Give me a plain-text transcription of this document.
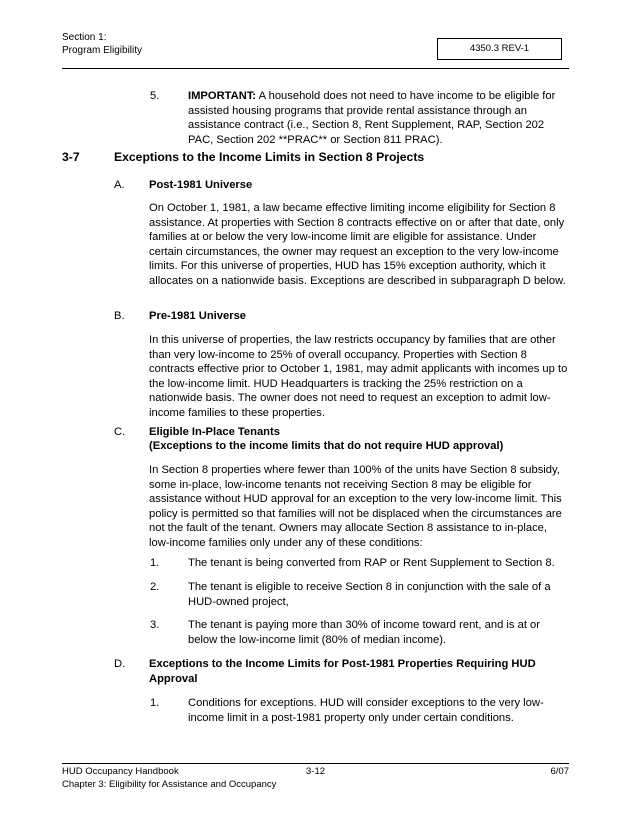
Section 1:
Program Eligibility	4350.3 REV-1
5.	IMPORTANT: A household does not need to have income to be eligible for assisted housing programs that provide rental assistance through an assistance contract (i.e., Section 8, Rent Supplement, RAP, Section 202 PAC, Section 202 **PRAC** or Section 811 PRAC).

3-7	Exceptions to the Income Limits in Section 8 Projects
A. Post-1981 Universe
On October 1, 1981, a law became effective limiting income eligibility for Section 8 assistance. At properties with Section 8 contracts effective on or after that date, only families at or below the very low-income limit are eligible for assistance. Under certain circumstances, the owner may request an exception to the very low-income limits. For this universe of properties, HUD has 15% exception authority, which it allocates on a nationwide basis. Exceptions are described in subparagraph D below.
B. Pre-1981 Universe
In this universe of properties, the law restricts occupancy by families that are other than very low-income to 25% of overall occupancy. Properties with Section 8 contracts effective prior to October 1, 1981, may admit applicants with incomes up to the low-income limit. HUD Headquarters is tracking the 25% restriction on a nationwide basis. The owner does not need to request an exception to admit low-income families to these properties.
C. Eligible In-Place Tenants
(Exceptions to the income limits that do not require HUD approval)
In Section 8 properties where fewer than 100% of the units have Section 8 subsidy, some in-place, low-income tenants not receiving Section 8 may be eligible for assistance without HUD approval for an exception to the very low-income limit. This policy is permitted so that families will not be displaced when the circumstances are not the fault of the tenant. Owners may allocate Section 8 assistance to in-place, low-income families only under any of these conditions:
1.	The tenant is being converted from RAP or Rent Supplement to Section 8.
2.	The tenant is eligible to receive Section 8 in conjunction with the sale of a HUD-owned project,
3.	The tenant is paying more than 30% of income toward rent, and is at or below the low-income limit (80% of median income).
D. Exceptions to the Income Limits for Post-1981 Properties Requiring HUD Approval
1.	Conditions for exceptions. HUD will consider exceptions to the very low-income limit in a post-1981 property only under certain conditions.
HUD Occupancy Handbook
Chapter 3: Eligibility for Assistance and Occupancy
3-12	6/07
